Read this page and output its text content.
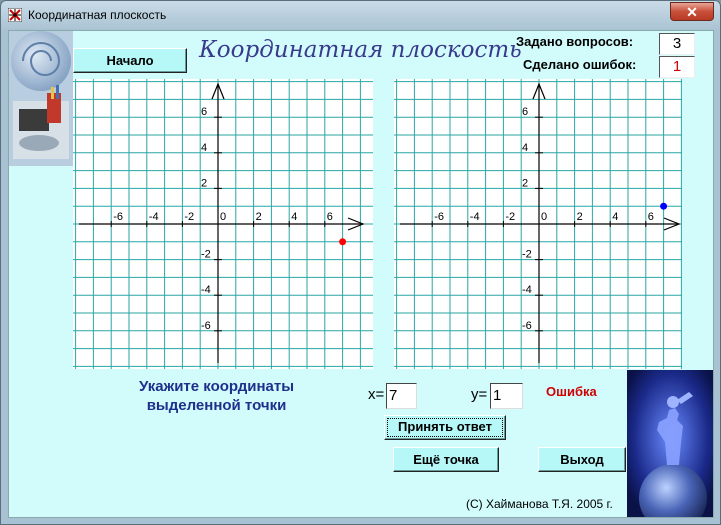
Координатная плоскость	✕
Начало	Координатная плоскость
Задано вопросов:	3
Сделано ошибок:	1
-6 -4 -2 0	2	4	6
6
4
2
-2
-4
-6
-6 -4 -2 0	2	4	6
6
4
2
-2
-4
-6
Укажите координаты
выделенной точки
x= 7	y= 1	Ошибка
Принять ответ
Ещё точка	Выход
(С) Хайманова Т.Я. 2005 г.
